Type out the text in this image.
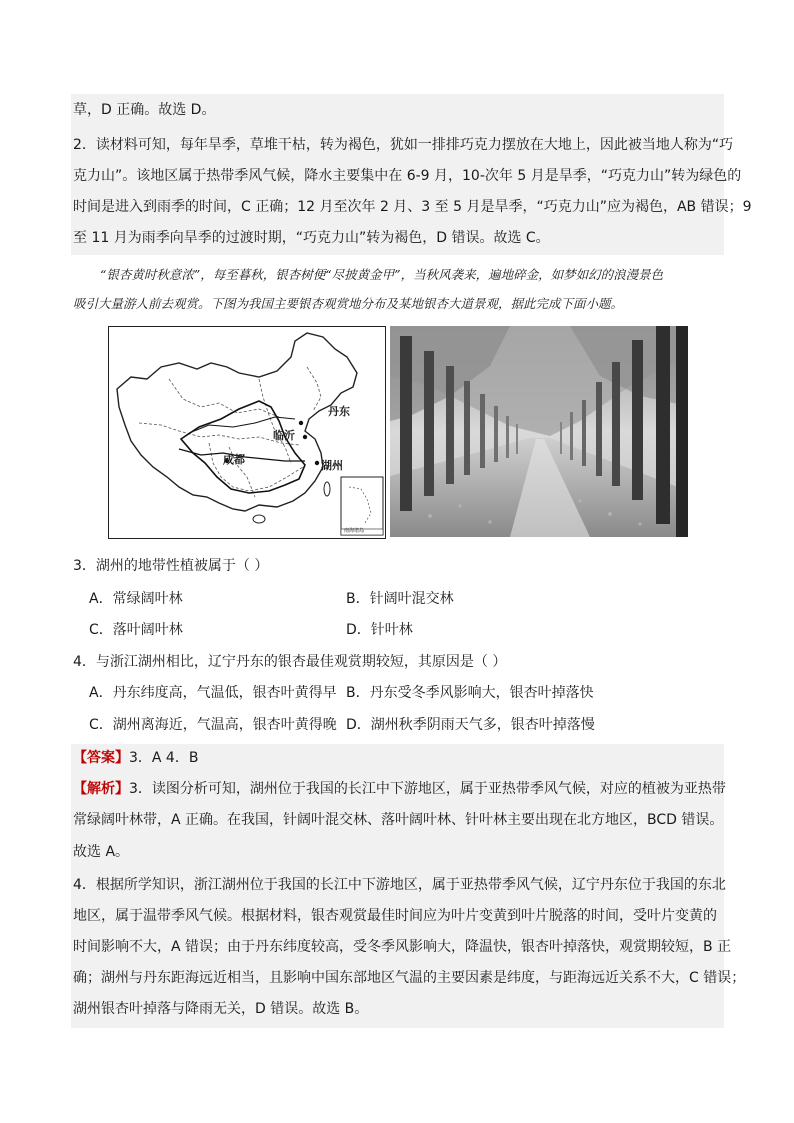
草，D 正确。故选 D。
2．读材料可知，每年旱季，草堆干枯，转为褐色，犹如一排排巧克力摆放在大地上，因此被当地人称为“巧
克力山”。该地区属于热带季风气候，降水主要集中在 6-9 月，10-次年 5 月是旱季，“巧克力山”转为绿色的
时间是进入到雨季的时间，C 正确；12 月至次年 2 月、3 至 5 月是旱季，“巧克力山”应为褐色，AB 错误；9
至 11 月为雨季向旱季的过渡时期，“巧克力山”转为褐色，D 错误。故选 C。
“银杏黄时秋意浓”，每至暮秋，银杏树便“尽披黄金甲”，当秋风袭来，遍地碎金，如梦如幻的浪漫景色
吸引大量游人前去观赏。下图为我国主要银杏观赏地分布及某地银杏大道景观，据此完成下面小题。
丹东
临沂
成都	湖州
南海诸岛
3．湖州的地带性植被属于（ ）
A．常绿阔叶林	B．针阔叶混交林
C．落叶阔叶林	D．针叶林
4．与浙江湖州相比，辽宁丹东的银杏最佳观赏期较短，其原因是（ ）
A．丹东纬度高，气温低，银杏叶黄得早 B．丹东受冬季风影响大，银杏叶掉落快
C．湖州离海近，气温高，银杏叶黄得晚 D．湖州秋季阴雨天气多，银杏叶掉落慢
【答案】3．A 4．B
【解析】3．读图分析可知，湖州位于我国的长江中下游地区，属于亚热带季风气候，对应的植被为亚热带
常绿阔叶林带，A 正确。在我国，针阔叶混交林、落叶阔叶林、针叶林主要出现在北方地区，BCD 错误。
故选 A。
4．根据所学知识，浙江湖州位于我国的长江中下游地区，属于亚热带季风气候，辽宁丹东位于我国的东北
地区，属于温带季风气候。根据材料，银杏观赏最佳时间应为叶片变黄到叶片脱落的时间，受叶片变黄的
时间影响不大，A 错误；由于丹东纬度较高，受冬季风影响大，降温快，银杏叶掉落快，观赏期较短，B 正
确；湖州与丹东距海远近相当，且影响中国东部地区气温的主要因素是纬度，与距海远近关系不大，C 错误；
湖州银杏叶掉落与降雨无关，D 错误。故选 B。
